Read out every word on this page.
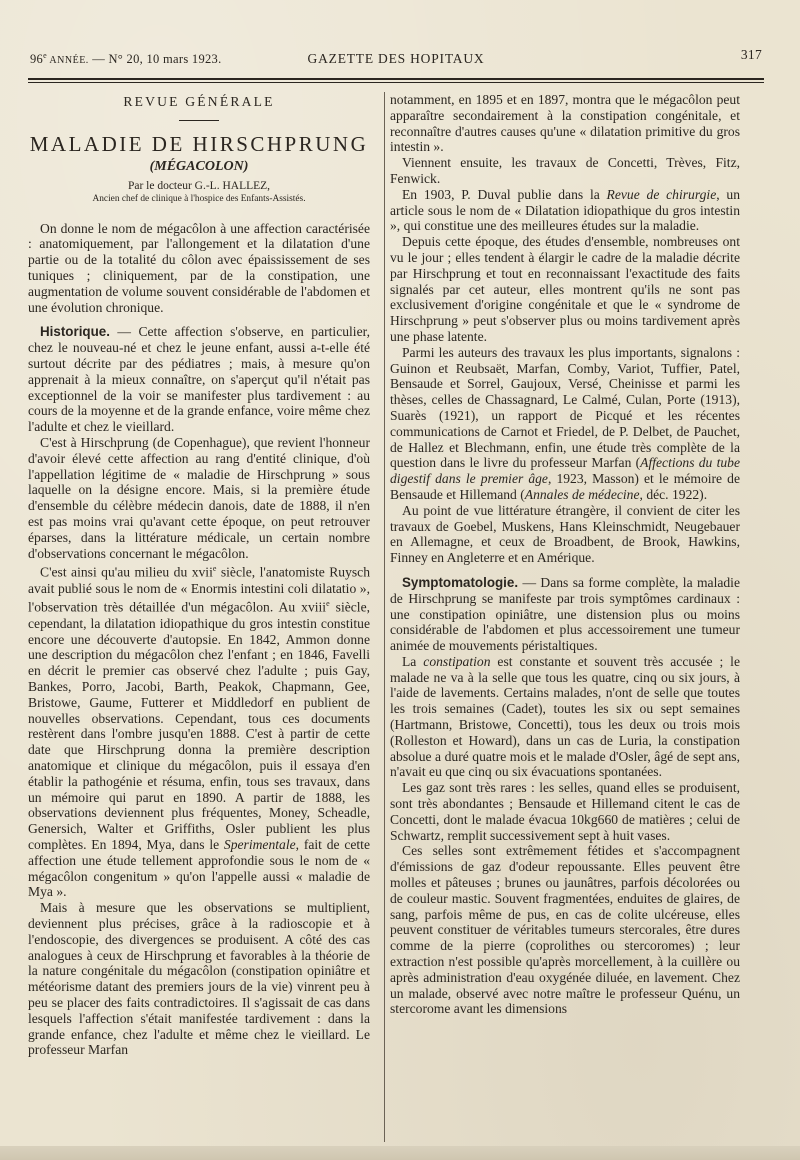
96e ANNÉE. — N° 20, 10 mars 1923.	GAZETTE DES HOPITAUX	317
REVUE GÉNÉRALE
MALADIE DE HIRSCHPRUNG
(MÉGACOLON)
Par le docteur G.-L. HALLEZ,
Ancien chef de clinique à l'hospice des Enfants-Assistés.

On donne le nom de mégacôlon à une affection caractérisée : anatomiquement, par l'allongement et la dilatation d'une partie ou de la totalité du côlon avec épaississement de ses tuniques ; cliniquement, par de la constipation, une augmentation de volume souvent considérable de l'abdomen et une évolution chronique.

Historique. — Cette affection s'observe, en particulier, chez le nouveau-né et chez le jeune enfant, aussi a-t-elle été surtout décrite par des pédiatres ; mais, à mesure qu'on apprenait à la mieux connaître, on s'aperçut qu'il n'était pas exceptionnel de la voir se manifester plus tardivement : au cours de la moyenne et de la grande enfance, voire même chez l'adulte et chez le vieillard.

C'est à Hirschprung (de Copenhague), que revient l'honneur d'avoir élevé cette affection au rang d'entité clinique, d'où l'appellation légitime de « maladie de Hirschprung » sous laquelle on la désigne encore. Mais, si la première étude d'ensemble du célèbre médecin danois, date de 1888, il n'en est pas moins vrai qu'avant cette époque, on peut retrouver éparses, dans la littérature médicale, un certain nombre d'observations concernant le mégacôlon.

C'est ainsi qu'au milieu du xvii$^e$ siècle, l'anatomiste Ruysch avait publié sous le nom de « Enormis intestini coli dilatatio », l'observation très détaillée d'un mégacôlon. Au xviii$^e$ siècle, cependant, la dilatation idiopathique du gros intestin constitue encore une découverte d'autopsie. En 1842, Ammon donne une description du mégacôlon chez l'enfant ; en 1846, Favelli en décrit le premier cas observé chez l'adulte ; puis Gay, Bankes, Porro, Jacobi, Barth, Peakok, Chapmann, Gee, Bristowe, Gaume, Futterer et Middledorf en publient de nouvelles observations. Cependant, tous ces documents restèrent dans l'ombre jusqu'en 1888. C'est à partir de cette date que Hirschprung donna la première description anatomique et clinique du mégacôlon, puis il essaya d'en établir la pathogénie et résuma, enfin, tous ses travaux, dans un mémoire qui parut en 1890. A partir de 1888, les observations deviennent plus fréquentes, Money, Scheadle, Genersich, Walter et Griffiths, Osler publient les plus complètes. En 1894, Mya, dans le Sperimentale, fait de cette affection une étude tellement approfondie sous le nom de « mégacôlon congenitum » qu'on l'appelle aussi « maladie de Mya ».

Mais à mesure que les observations se multiplient, deviennent plus précises, grâce à la radioscopie et à l'endoscopie, des divergences se produisent. A côté des cas analogues à ceux de Hirschprung et favorables à la théorie de la nature congénitale du mégacôlon (constipation opiniâtre et météorisme datant des premiers jours de la vie) vinrent peu à peu se placer des faits contradictoires. Il s'agissait de cas dans lesquels l'affection s'était manifestée tardivement : dans la grande enfance, chez l'adulte et même chez le vieillard. Le professeur Marfan

notamment, en 1895 et en 1897, montra que le mégacôlon peut apparaître secondairement à la constipation congénitale, et reconnaître d'autres causes qu'une « dilatation primitive du gros intestin ».

Viennent ensuite, les travaux de Concetti, Trèves, Fitz, Fenwick.

En 1903, P. Duval publie dans la Revue de chirurgie, un article sous le nom de « Dilatation idiopathique du gros intestin », qui constitue une des meilleures études sur la maladie.

Depuis cette époque, des études d'ensemble, nombreuses ont vu le jour ; elles tendent à élargir le cadre de la maladie décrite par Hirschprung et tout en reconnaissant l'exactitude des faits signalés par cet auteur, elles montrent qu'ils ne sont pas exclusivement d'origine congénitale et que le « syndrome de Hirschprung » peut s'observer plus ou moins tardivement après une phase latente.

Parmi les auteurs des travaux les plus importants, signalons : Guinon et Reubsaët, Marfan, Comby, Variot, Tuffier, Patel, Bensaude et Sorrel, Gaujoux, Versé, Cheinisse et parmi les thèses, celles de Chassagnard, Le Calmé, Culan, Porte (1913), Suarès (1921), un rapport de Picqué et les récentes communications de Carnot et Friedel, de P. Delbet, de Pauchet, de Hallez et Blechmann, enfin, une étude très complète de la question dans le livre du professeur Marfan (Affections du tube digestif dans le premier âge, 1923, Masson) et le mémoire de Bensaude et Hillemand (Annales de médecine, déc. 1922).

Au point de vue littérature étrangère, il convient de citer les travaux de Goebel, Muskens, Hans Kleinschmidt, Neugebauer en Allemagne, et ceux de Broadbent, de Brook, Hawkins, Finney en Angleterre et en Amérique.

Symptomatologie. — Dans sa forme complète, la maladie de Hirschprung se manifeste par trois symptômes cardinaux : une constipation opiniâtre, une distension plus ou moins considérable de l'abdomen et plus accessoirement une tumeur animée de mouvements péristaltiques.

La constipation est constante et souvent très accusée ; le malade ne va à la selle que tous les quatre, cinq ou six jours, à l'aide de lavements. Certains malades, n'ont de selle que toutes les trois semaines (Cadet), toutes les six ou sept semaines (Hartmann, Bristowe, Concetti), tous les deux ou trois mois (Rolleston et Howard), dans un cas de Luria, la constipation absolue a duré quatre mois et le malade d'Osler, âgé de sept ans, n'avait eu que cinq ou six évacuations spontanées.

Les gaz sont très rares : les selles, quand elles se produisent, sont très abondantes ; Bensaude et Hillemand citent le cas de Concetti, dont le malade évacua 10kg660 de matières ; celui de Schwartz, remplit successivement sept à huit vases.

Ces selles sont extrêmement fétides et s'accompagnent d'émissions de gaz d'odeur repoussante. Elles peuvent être molles et pâteuses ; brunes ou jaunâtres, parfois décolorées ou de couleur mastic. Souvent fragmentées, enduites de glaires, de sang, parfois même de pus, en cas de colite ulcéreuse, elles peuvent constituer de véritables tumeurs stercorales, être dures comme de la pierre (coprolithes ou stercoromes) ; leur extraction n'est possible qu'après morcellement, à la cuillère ou après administration d'eau oxygénée diluée, en lavement. Chez un malade, observé avec notre maître le professeur Quénu, un stercorome avant les dimensions
